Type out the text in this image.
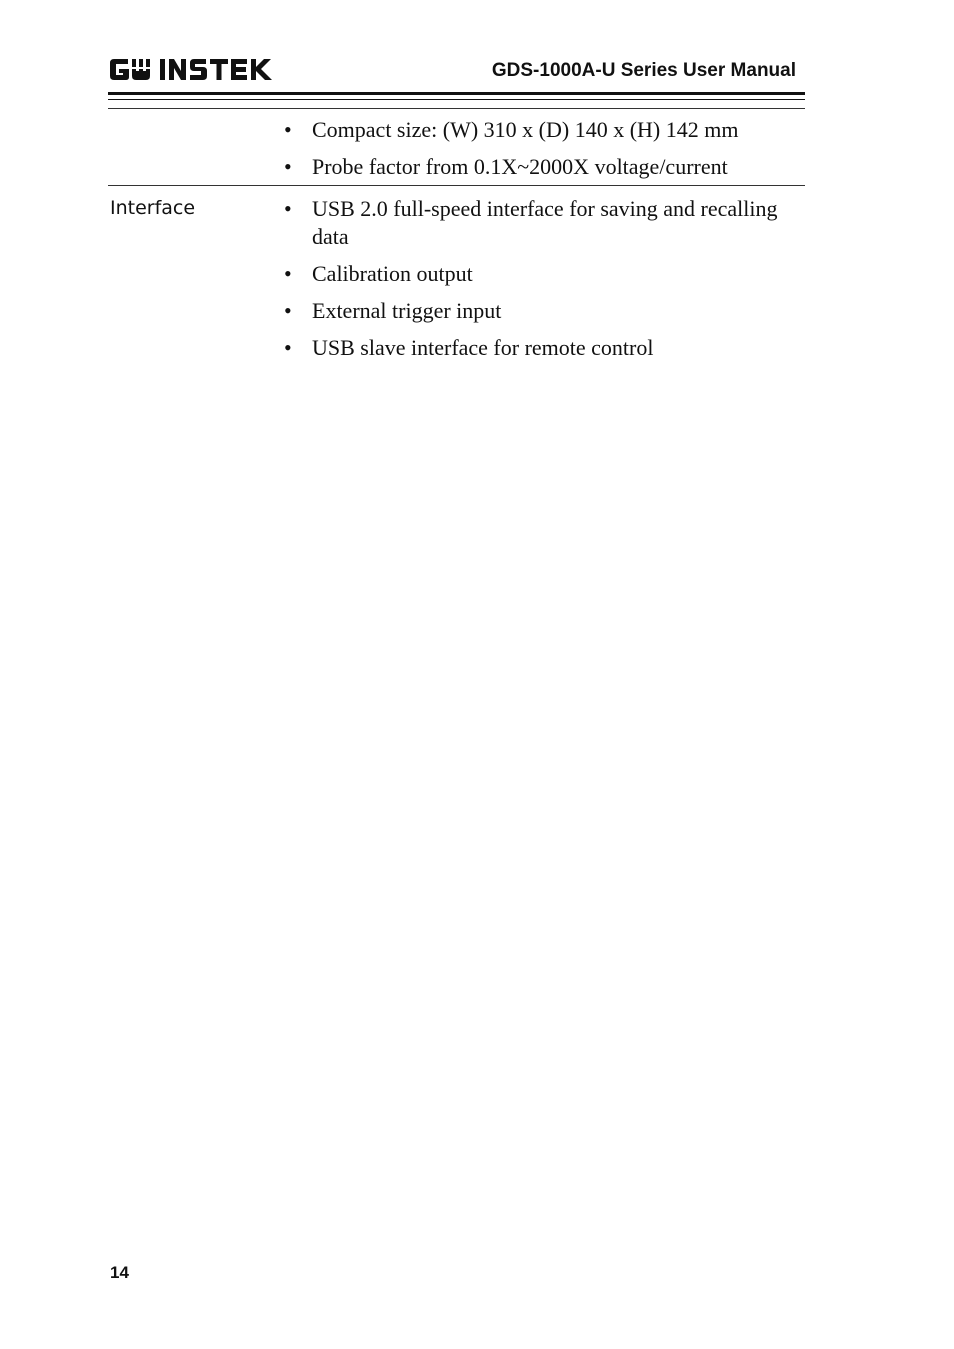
GDS-1000A-U Series User Manual
• Compact size: (W) 310 x (D) 140 x (H) 142 mm
• Probe factor from 0.1X~2000X voltage/current
Interface	• USB 2.0 full-speed interface for saving and recalling data
• Calibration output
• External trigger input
• USB slave interface for remote control
14
